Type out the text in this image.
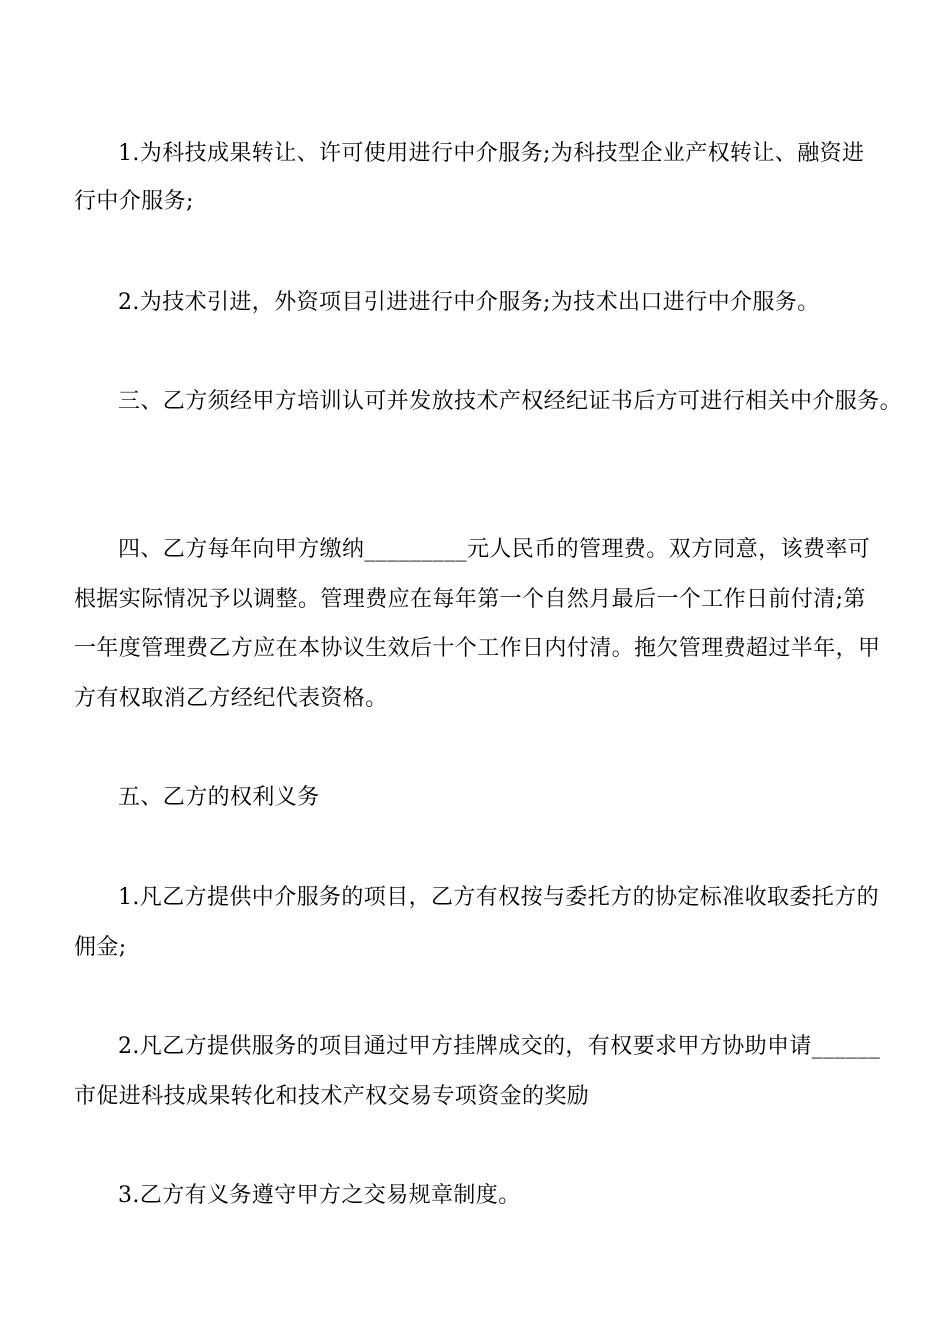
1.为科技成果转让、许可使用进行中介服务;为科技型企业产权转让、融资进
行中介服务;
2.为技术引进，外资项目引进进行中介服务;为技术出口进行中介服务。
三、乙方须经甲方培训认可并发放技术产权经纪证书后方可进行相关中介服务。
四、乙方每年向甲方缴纳_________元人民币的管理费。双方同意，该费率可
根据实际情况予以调整。管理费应在每年第一个自然月最后一个工作日前付清;第
一年度管理费乙方应在本协议生效后十个工作日内付清。拖欠管理费超过半年，甲
方有权取消乙方经纪代表资格。
五、乙方的权利义务
1.凡乙方提供中介服务的项目，乙方有权按与委托方的协定标准收取委托方的
佣金;
2.凡乙方提供服务的项目通过甲方挂牌成交的，有权要求甲方协助申请______
市促进科技成果转化和技术产权交易专项资金的奖励
3.乙方有义务遵守甲方之交易规章制度。
